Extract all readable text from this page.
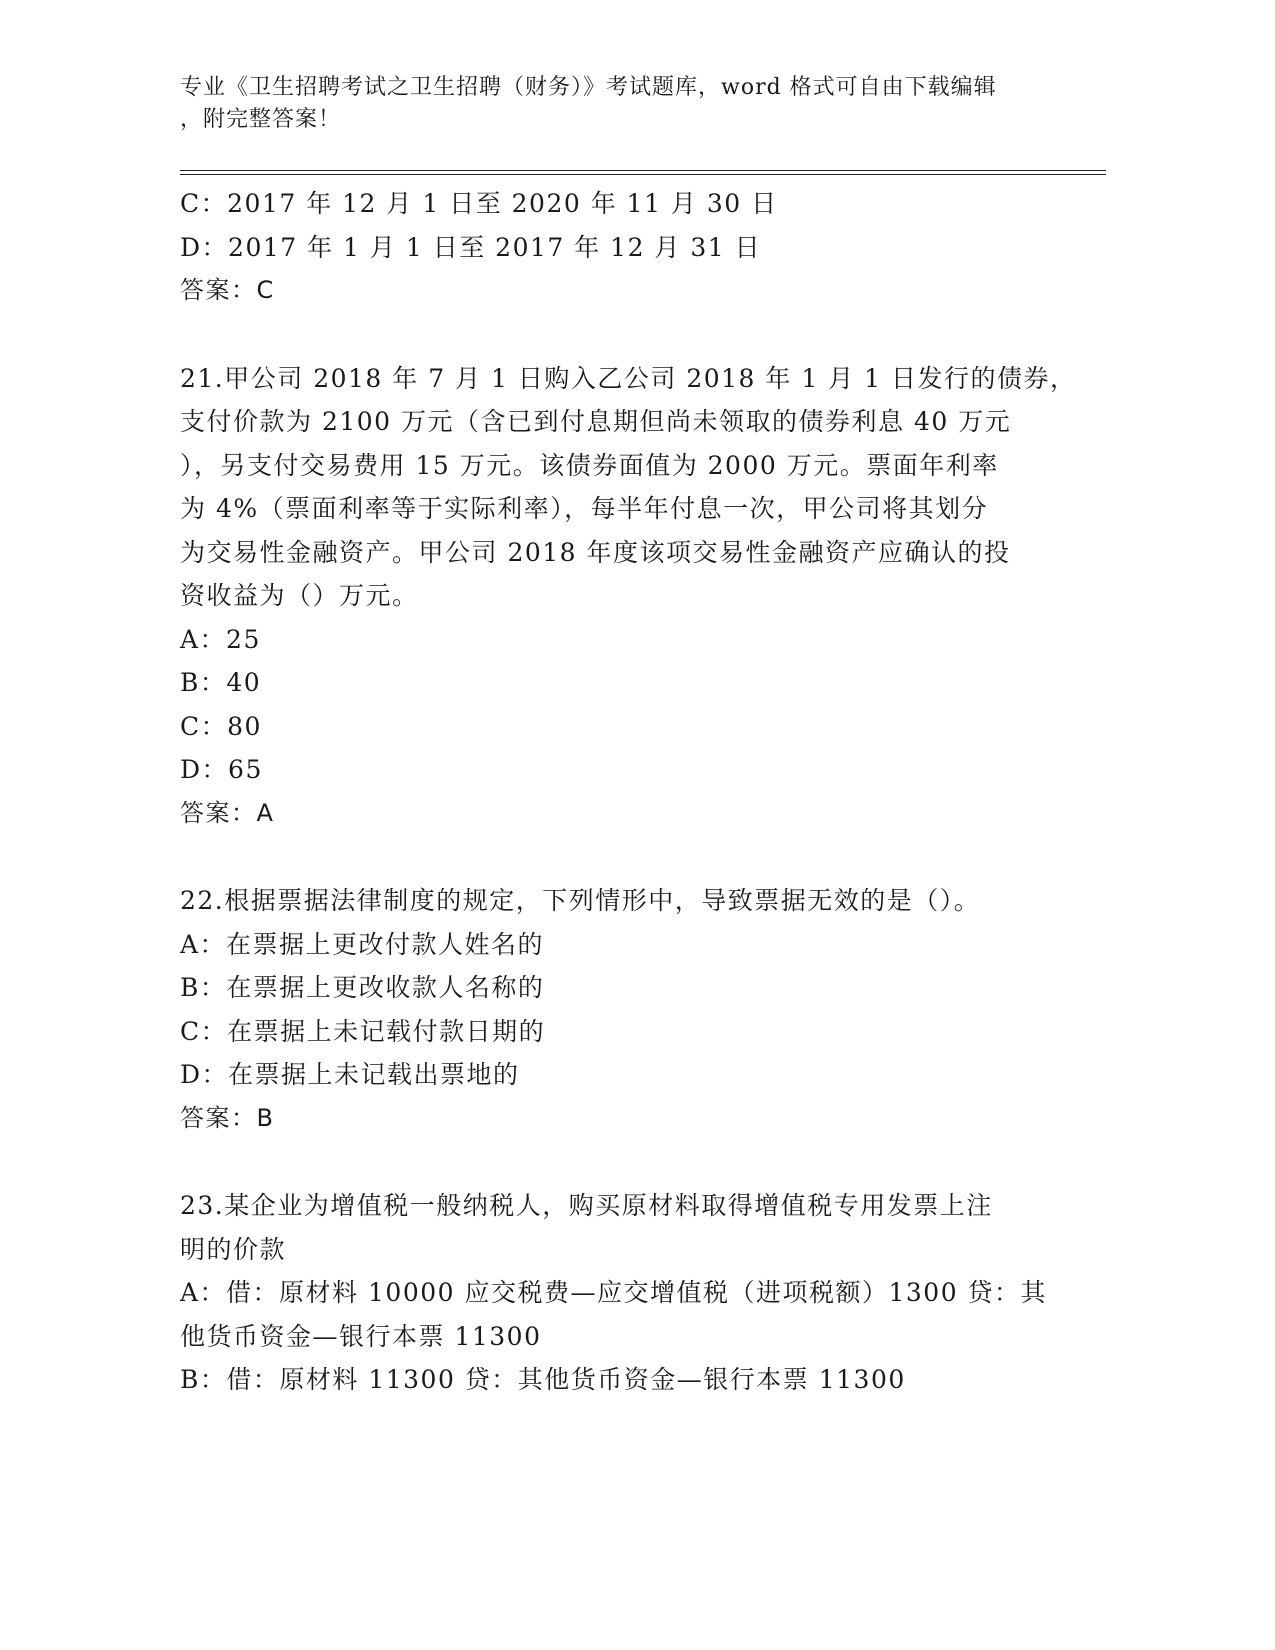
专业《卫生招聘考试之卫生招聘（财务）》考试题库，word 格式可自由下载编辑
，附完整答案！
C：2017 年 12 月 1 日至 2020 年 11 月 30 日
D：2017 年 1 月 1 日至 2017 年 12 月 31 日
答案：C
21.甲公司 2018 年 7 月 1 日购入乙公司 2018 年 1 月 1 日发行的债券，
支付价款为 2100 万元（含已到付息期但尚未领取的债券利息 40 万元
），另支付交易费用 15 万元。该债券面值为 2000 万元。票面年利率
为 4%（票面利率等于实际利率），每半年付息一次，甲公司将其划分
为交易性金融资产。甲公司 2018 年度该项交易性金融资产应确认的投
资收益为（）万元。
A：25
B：40
C：80
D：65
答案：A
22.根据票据法律制度的规定，下列情形中，导致票据无效的是（）。
A：在票据上更改付款人姓名的
B：在票据上更改收款人名称的
C：在票据上未记载付款日期的
D：在票据上未记载出票地的
答案：B
23.某企业为增值税一般纳税人，购买原材料取得增值税专用发票上注
明的价款
A：借：原材料 10000 应交税费—应交增值税（进项税额）1300 贷：其
他货币资金—银行本票 11300
B：借：原材料 11300 贷：其他货币资金—银行本票 11300
